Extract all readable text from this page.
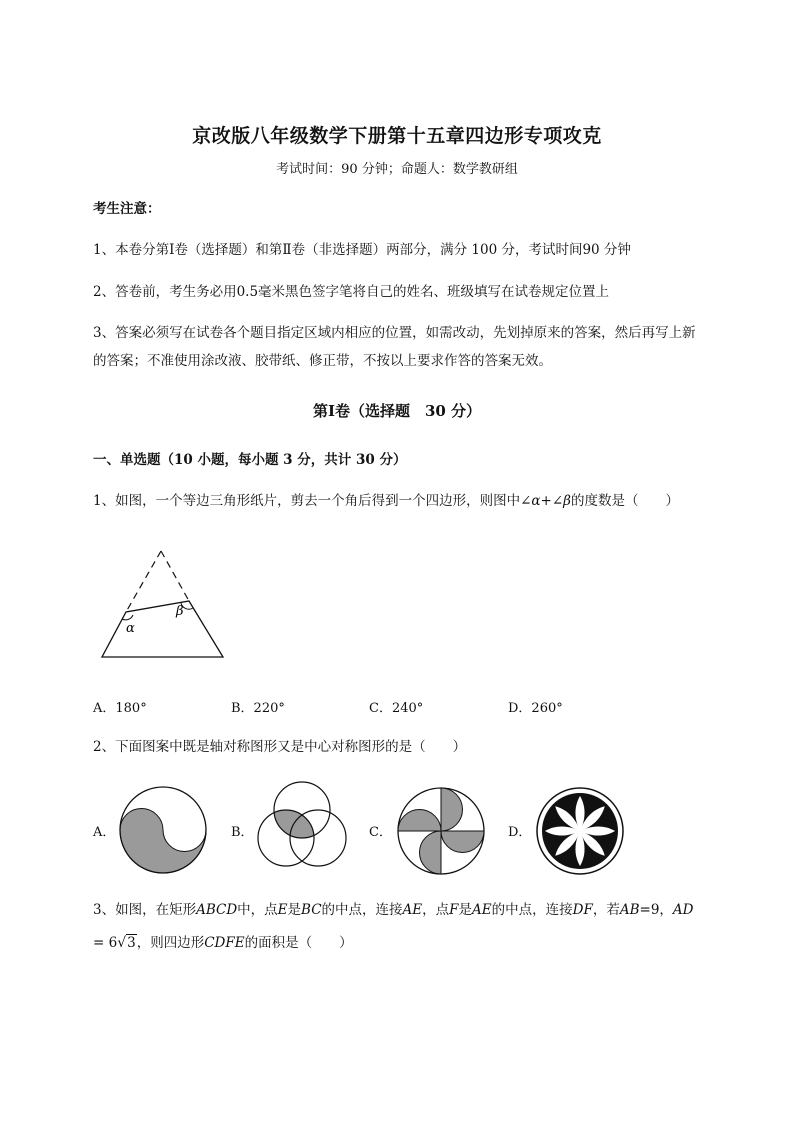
京改版八年级数学下册第十五章四边形专项攻克
考试时间：90 分钟；命题人：数学教研组
考生注意：
1、本卷分第Ⅰ卷（选择题）和第Ⅱ卷（非选择题）两部分，满分 100 分，考试时间90 分钟
2、答卷前，考生务必用0.5毫米黑色签字笔将自己的姓名、班级填写在试卷规定位置上
3、答案必须写在试卷各个题目指定区域内相应的位置，如需改动，先划掉原来的答案，然后再写上新
的答案；不准使用涂改液、胶带纸、修正带，不按以上要求作答的答案无效。
第Ⅰ卷（选择题　30 分）
一、单选题（10 小题，每小题 3 分，共计 30 分）
1、如图，一个等边三角形纸片，剪去一个角后得到一个四边形，则图中∠α+∠β的度数是（　　）
α
β
A．180°	B．220°	C．240°	D．260°
2、下面图案中既是轴对称图形又是中心对称图形的是（　　）
A．	B．	C．	D．
3、如图，在矩形ABCD中，点E是BC的中点，连接AE，点F是AE的中点，连接DF，若AB=9，AD
= 6√3，则四边形CDFE的面积是（　　）
